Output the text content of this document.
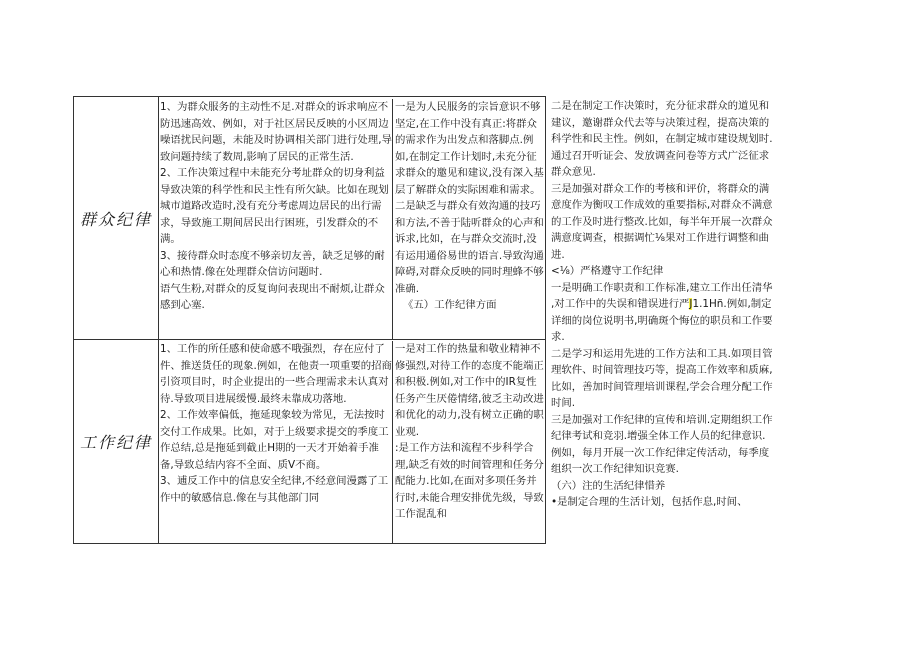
群众纪律

1、为群众服务的主动性不足.对群众的诉求响应不防迅速高效、例如，对于社区居民反映的小区周边噪语扰民问题，未能及时协调相关部门进行处理,导致问题持续了数周,影响了居民的正常生活.

2、工作决策过程中未能充分考址群众的切身利益导致决策的科学性和民主性有所欠缺。比如在现划城市道路改造时,没有充分考虑周边居民的出行需求，导致施工期间居民出行困班，引发群众的不满。

3、接待群众时态度不够亲切友善，缺乏足够的耐心和热情.像在处理群众信访问题时.

语气生粉,对群众的反复询问表现出不耐烦,让群众感到心塞.

一是为人民服务的宗旨意识不够坚定,在工作中没有真正:将群众的需求作为出发点和落脚点.例如,在制定工作计划时,未充分征求群众的邀见和建议,没有深入基层了解群众的实际困难和需求。

二是缺乏与群众有效沟通的技巧和方法,不善于陆听群众的心声和诉求,比如，在与群众交流时,没有运用通俗易世的语言.导致沟通障碍,对群众反映的同时理蜂不够准确.

《五）工作纪律方面

工作纪律

1、工作的所任感和使命感不哦强烈，存在应付了件、推送货任的现象.例如，在他责一项重要的招商引资项目时，时企业提出的一些合理需求未认真对待.导致项目进展缓慢.最终未靠成功落地.

2、工作效率偏低，拖延现象较为常见，无法按时交付工作成果。比如，对于上级要求提交的季度工作总结,总是拖延到截止H期的一天才开始着手准备,导致总结内容不全面、质V不商。

3、逋反工作中的信息安全纪律,不经意间漫露了工作中的敏感信息.像在与其他部门同

一是对工作的热量和敬业精神不修强烈,对待工作的态度不能端正和积极.例如,对工作中的IR复性任务产生厌倦情绪,彼乏主动改进和优化的动力,没有树立正确的职业观.

:是工作方法和流程不步科学合理,缺乏有效的时间管理和任务分配能力.比如,在面对多项任务并行时,未能合理安排优先级，导致工作混乱和

二是在制定工作决策时，充分征求群众的道见和建议，邀谢群众代去等与决策过程，提高决策的科学性和民主性。例如，在制定城市建设规划时.通过召开听证会、发放调查问卷等方式广泛征求群众意见.

三是加强对群众工作的考核和评价，将群众的满意度作为衡叹工作成效的重要指标,对群众不满意的工作及时进行整改.比如，每半年开展一次群众满意度调查，根据调忙⅛果对工作进行调整和曲进.

<⅛）严格遵守工作纪律

一是明确工作职责和工作标准,建立工作出任清华 ,对工作中的失误和错误进行严J1.1Hñ.例如,制定详细的岗位说明书,明确斑个悔位的职员和工作要求.

二是学习和运用先进的工作方法和工具.如项目管理软件、时间管理技巧等，提高工作效率和质麻,比如，善加时间管理培训课程,学会合理分配工作时间.

三是加强对工作纪律的宣传和培训.定期组织工作纪律考试和竞羽.增强全体工作人员的纪律意识.例如，每月开展一次工作纪律定传活动，每季度组织一次工作纪律知识竞赛.

（六）注的生活纪律惜养

•是制定合理的生活计划，包括作息,时间、
